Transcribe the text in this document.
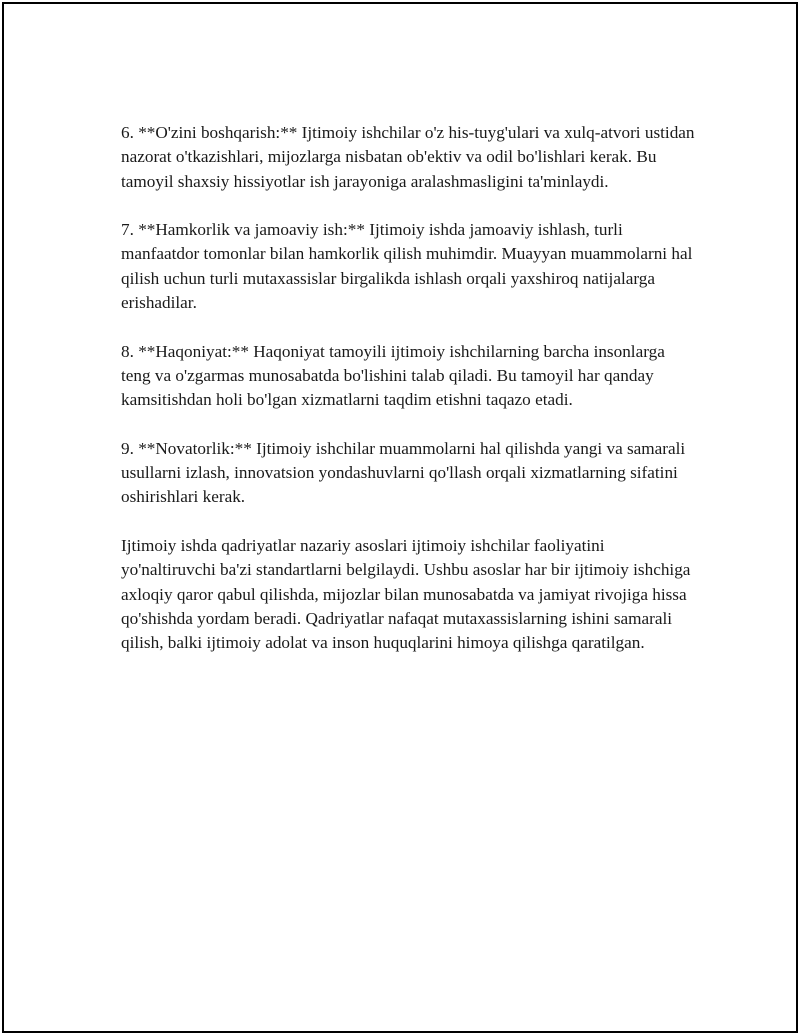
6. **O'zini boshqarish:** Ijtimoiy ishchilar o'z his-tuyg'ulari va xulq-atvori ustidan nazorat o'tkazishlari, mijozlarga nisbatan ob'ektiv va odil bo'lishlari kerak. Bu tamoyil shaxsiy hissiyotlar ish jarayoniga aralashmasligini ta'minlaydi.

7. **Hamkorlik va jamoaviy ish:** Ijtimoiy ishda jamoaviy ishlash, turli manfaatdor tomonlar bilan hamkorlik qilish muhimdir. Muayyan muammolarni hal qilish uchun turli mutaxassislar birgalikda ishlash orqali yaxshiroq natijalarga erishadilar.

8. **Haqoniyat:** Haqoniyat tamoyili ijtimoiy ishchilarning barcha insonlarga teng va o'zgarmas munosabatda bo'lishini talab qiladi. Bu tamoyil har qanday kamsitishdan holi bo'lgan xizmatlarni taqdim etishni taqazo etadi.

9. **Novatorlik:** Ijtimoiy ishchilar muammolarni hal qilishda yangi va samarali usullarni izlash, innovatsion yondashuvlarni qo'llash orqali xizmatlarning sifatini oshirishlari kerak.

Ijtimoiy ishda qadriyatlar nazariy asoslari ijtimoiy ishchilar faoliyatini yo'naltiruvchi ba'zi standartlarni belgilaydi. Ushbu asoslar har bir ijtimoiy ishchiga axloqiy qaror qabul qilishda, mijozlar bilan munosabatda va jamiyat rivojiga hissa qo'shishda yordam beradi. Qadriyatlar nafaqat mutaxassislarning ishini samarali qilish, balki ijtimoiy adolat va inson huquqlarini himoya qilishga qaratilgan.
